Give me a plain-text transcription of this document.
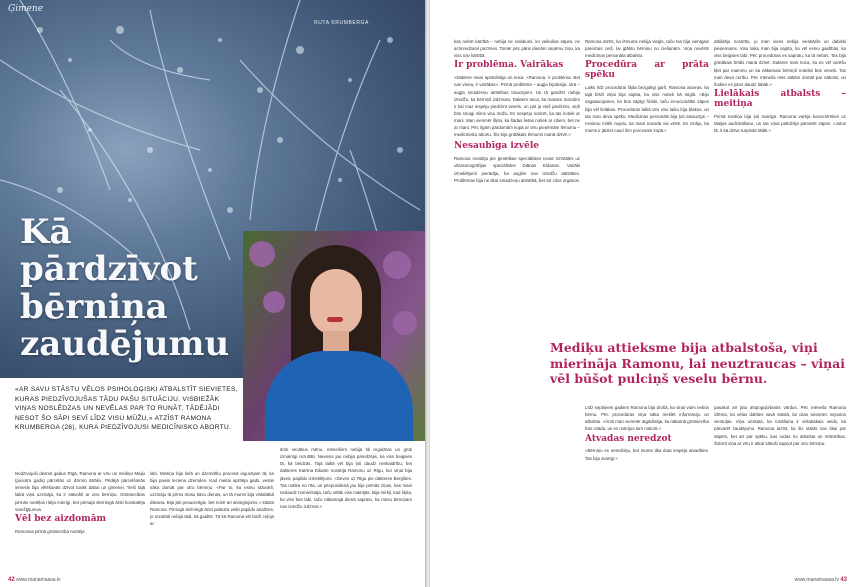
Ģimene
RUTA KRUMBERGA
Kā
pārdzīvot
bērniņa
zaudējumu
«AR SAVU STĀSTU VĒLOS PSIHOLOĢISKI ATBALSTĪT SIEVIETES, KURAS PIEDZĪVOJUŠAS TĀDU PAŠU SITUĀCIJU. VISBIEŽĀK VIŅAS NOSLĒDZAS UN NEVĒLAS PAR TO RUNĀT, TĀDĒJĀDI NESOT ŠO SĀPI SEVĪ LĪDZ VISU MŪŽU,» ATZĪST RAMONA KRUMBERGA (26), KURA PIEDZĪVOJUSI MEDICĪNISKO ABORTU.

Nodzīvojuši desmit gadus Rīgā, Ramona ar vīru un meitiņu Maiju (pusotra gada) pārcēlās uz dzimto ātrāko. Pēdējā pārcelšanās iemesls bija vēlēšanās dzīvot tuvāk dabai un ģimenei. Tieši tajā laikā viņa uzzināja, ka ir stāvoklī ar otro bērniņu. Grūtniecības pirmās nedēļas ritēja mierīgi, bet pirmajā skrīningā ārsti konstatēja sarežģījumus.

Vēl bez aizdomām

Ramonas pirmā grūtniecība noritēja

labi. Meitiņa bija lielā un dzemdību procesā ieguvējam tā, ka bija pavisi leciena dzemdes. Kad meitai aprītēja gads, vestie sāka domāt par otru bērniņu. «Par to, ka esmu stāvoklī, uzzināju tā pirms mūsu kāzu dienas, un tā mums bija vislabākā dāvana. Bija jāri pesacietīgie, bet reizē arī atvieglojums,» stāsta Ramona. Pirmajā skrīningā ārsti palūdza veikt papildu analīzes, jo rezultāti nebija tādi, kā gaidīts. Tā kā Ramona vēl bieži ceļoja ar

ārsti vecākus mēnu, mēnešiem nebija tik regulāras un grūti izmainīgi rezultāti. Neviens jau nebija paredzējis, ka viss beigsies tā, kā beidzās. Tajā laikā vēl bija ļoti daudz neskaidrību, bet dakteres Katrīna Eikarte nosūtīja Ramonu uz Rīgu, kur viņai bija jāveic papildu izmeklējumi. «Devos uz Rīgu pie dakteres Berglites. Tas notika no rīta, un pēcpusdienā jau bija pirmās ziņas, kas mani nedaudz nomierināja, taču vēlāk viss mainījās. Bija mirkļi, kad šķita, ka viss būs labi, taču nākamajā dienā sapratu, ka mūsu bērniņam nav izredžu izdzīvot.»

42 www.manamaasa.lv

kas nebūt kārtībā – nebija ne nolabumi, ko veikušas sāpes, ne acīmredzami pazīmes. Tomēr pēc pāris dienām saņēmu ziņu, ka viss nav kārtībā.

Ir problēma. Vairākas

«Daktere mani apsēdināja un teica: «Ramona, ir problēma. Bet nav viena, ir vairākas». Pirmā problēma – augļa hipoksija, otrā – augļa smadzeņu attīstības traucējumi. Un tā gandrīz nebija izredžu, ka bērniņš izdzīvotu. Daktere teica, ka manam mazulim ir ļoti maz iespēju piedzimt vesels, un pat ja viņš piedzims, viņš būs smagi slims visu mūžu. Es nespēju noticēt, ka tas notiek ar mani. Man vienmēr šķita, ka šādas lietas notiek ar citiem, bet ne ar mani. Pēc ilgām pārdomām kopā ar vīru pieņēmām lēmumu – medicīnisko abortu. Šis bija grūtākais lēmums manā dzīvē.»

Nesaubīga izvēle

Ramona nosūtīja pie ģenētikas speciālistes Ievas Grīntāles uz ultrasonogrāfijas speciālistes Diānas Eidanas. Vairāki izmeklējumi pierādīja, ka auglim nav izredžu attīstīties. Problēmas bija ne tikai smadzeņu attīstībā, bet arī citos orgānos.

Ramona atzīst, ka lēmums nebija viegls, taču tas bija vienīgais pareizais ceļš, lai glābtu bērniņu no ciešanām. Viņa novērtē medicīnas personāla atbalstu.

Procedūra ar prāta spēku

Laiks līdz procedūrai šķita bezgalīgi garš. Ramona atceras, ka tajā brīdī viņai bija sajūta, ka viss notiek kā miglā. «Biju sagatavojusies, ka būs sāpīgi fiziski, taču emocionālās sāpes bija vēl lielākas. Procedūras laikā vīrs visu laiku bija blakus, un tas man deva spēku. Medicīnas personāls bija ļoti atsaucīgs – nevienu mirkli nejutu, ka mani nosoda vai vērtē. Es zināju, ka mums ir jāiziet cauri šim procesam kopā.»

atbildēju nosūtītu, jo man viens nebija vienkāršs un dabiski pieņemams. Visu laiku man bija sajūta, ka vēl esmu gaidībās, ka viss beigsies labi. Pēc procedūras es sapratu, ka tā nebūs. Tas bija grūtākais brīdis manā dzīvē. Daktere man teica, ka es vēl varēšu kļūt par mammu un ka nākamais bērniņš noteikti būs vesels. Tas man deva cerību. Pēc mēneša mēs sākām domāt par nākotni, un šodien es jūtos daudz labāk.»

Lielākais atbalsts – meitiņa

Pirmā meitiņa bija ļoti svarīga. Ramona varēja koncentrēties uz Maijas audzināšanu, un tas viņai palīdzēja pārvarēt sāpes. «Jutos tā, it kā dzīve turpinās tālāk.»

Mediķu attieksme bija atbalstoša, viņi mierināja Ramonu, lai neuztraucas – viņai vēl būšot pulciņš veselu bērnu.

Līdz septiņiem gadiem Ramona bija drošā, ka viņai vairs nebūs bērnu. Pēc procedūras viņa sāka meklēt informāciju un atbalstu. «Ārsti man vienmēr atgādināja, ka nākamā grūtniecība būs citāda, un es mācījos tam noticēt.»

Atvadas neredzot

«Bērniņu es neredzēju, bet mums tika dota iespēja atvadīties. Tas bija svarīgi.»

pasakot arī jūtu atspoguļošanās vārdus. Pēc mēneša Ramona izlēma, ka vēlas dalīties savā stāstā, lai citas sievietes nejustos vientuļas. Viņa uzskata, ka runāšana ir vislabākais veids, kā pārvarēt zaudējumu. Ramona atzīst, ka šis stāsts nav tikai par sāpēm, bet arī par spēku, kas rodas no atbalsta un mīlestības. Šobrīd viņa ar vīru ir atkal sākuši sapņot par otro bērniņu.

www.manamaasa.lv 43
